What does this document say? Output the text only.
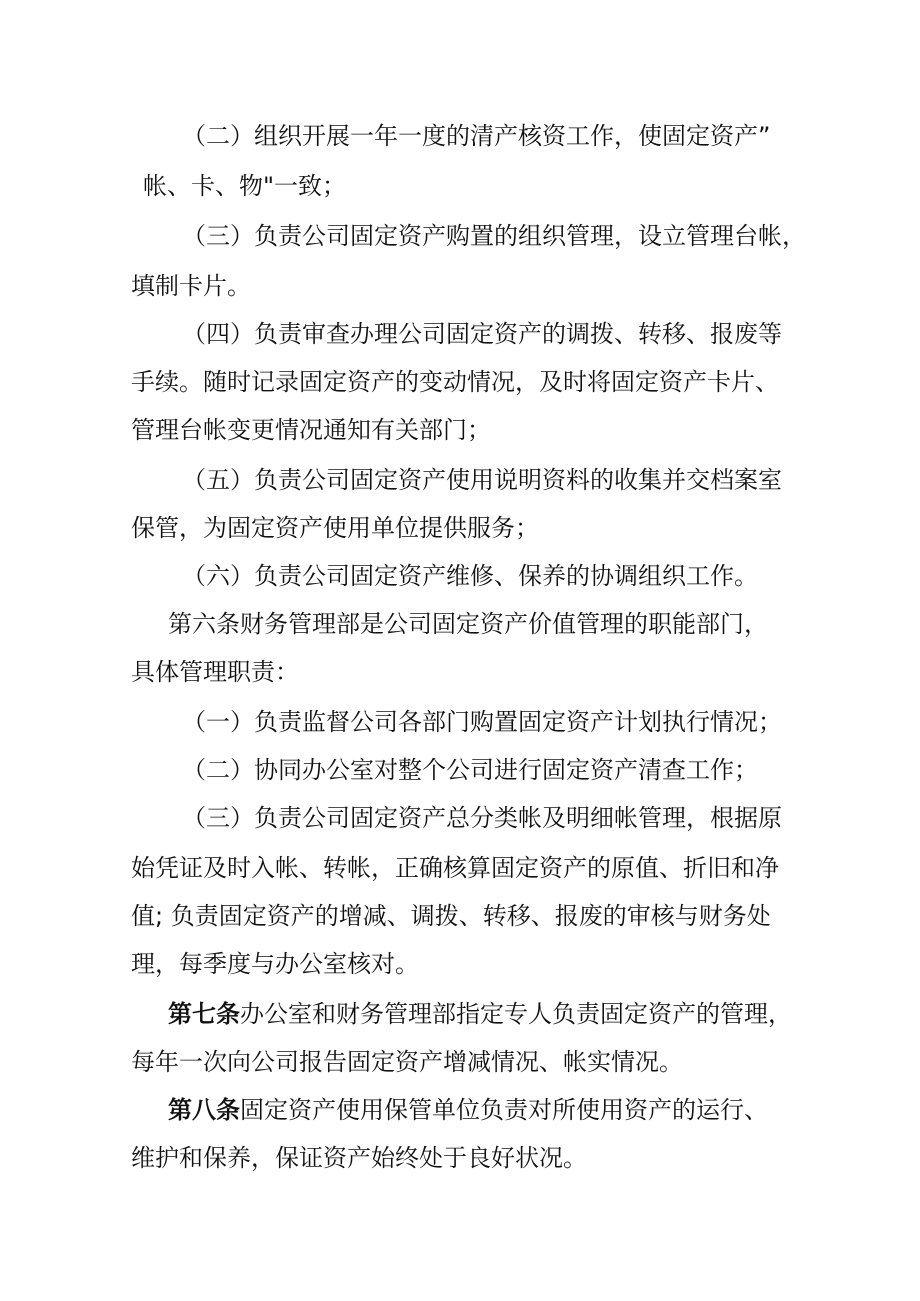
（二）组织开展一年一度的清产核资工作，使固定资产”
帐、卡、物"一致；
（三）负责公司固定资产购置的组织管理，设立管理台帐，
填制卡片。
（四）负责审查办理公司固定资产的调拨、转移、报废等
手续。随时记录固定资产的变动情况，及时将固定资产卡片、
管理台帐变更情况通知有关部门；
（五）负责公司固定资产使用说明资料的收集并交档案室
保管，为固定资产使用单位提供服务；
（六）负责公司固定资产维修、保养的协调组织工作。
第六条财务管理部是公司固定资产价值管理的职能部门，
具体管理职责：
（一）负责监督公司各部门购置固定资产计划执行情况；
（二）协同办公室对整个公司进行固定资产清查工作；
（三）负责公司固定资产总分类帐及明细帐管理，根据原
始凭证及时入帐、转帐，正确核算固定资产的原值、折旧和净
值; 负责固定资产的增减、调拨、转移、报废的审核与财务处
理，每季度与办公室核对。
第七条办公室和财务管理部指定专人负责固定资产的管理，
每年一次向公司报告固定资产增减情况、帐实情况。
第八条固定资产使用保管单位负责对所使用资产的运行、
维护和保养，保证资产始终处于良好状况。
